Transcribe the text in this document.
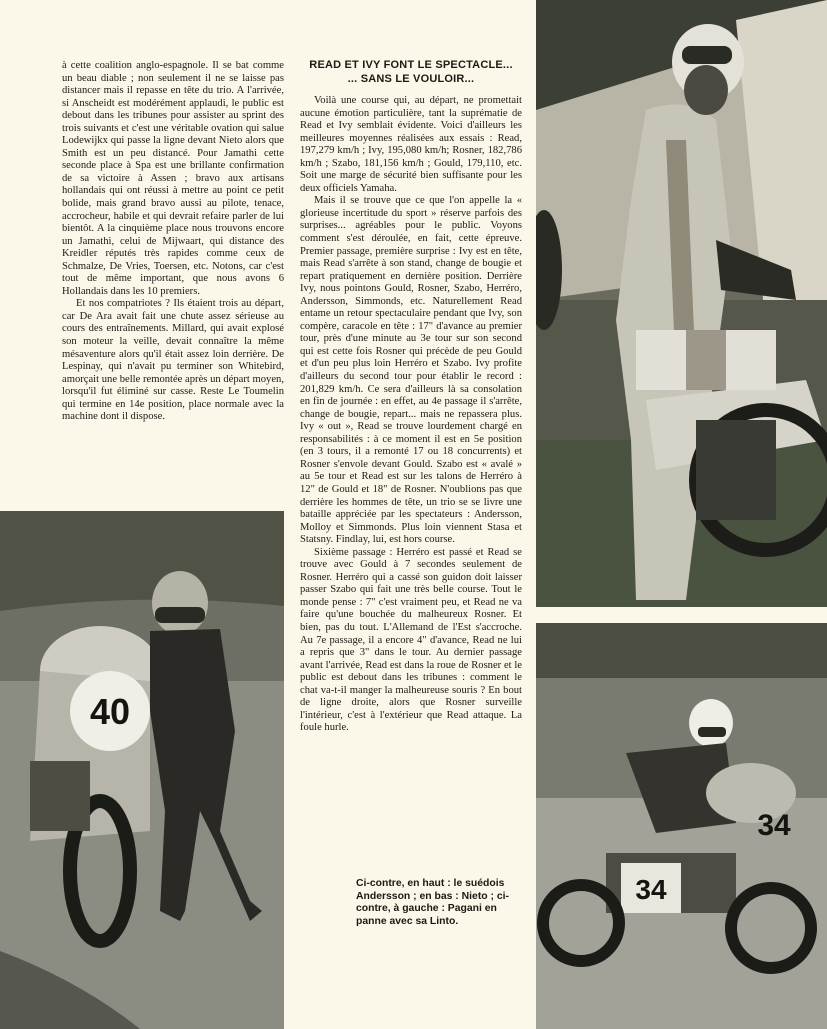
40
34
34

à cette coalition anglo-espagnole. Il se bat comme un beau diable ; non seulement il ne se laisse pas distancer mais il repasse en tête du trio. A l'arrivée, si Anscheidt est modérément applaudi, le public est debout dans les tribunes pour assister au sprint des trois suivants et c'est une véritable ovation qui salue Lodewijkx qui passe la ligne devant Nieto alors que Smith est un peu distancé. Pour Jamathi cette seconde place à Spa est une brillante confirmation de sa victoire à Assen ; bravo aux artisans hollandais qui ont réussi à mettre au point ce petit bolide, mais grand bravo aussi au pilote, tenace, accrocheur, habile et qui devrait refaire parler de lui bientôt. A la cinquième place nous trouvons encore un Jamathi, celui de Mijwaart, qui distance des Kreidler réputés très rapides comme ceux de Schmalze, De Vries, Toersen, etc. Notons, car c'est tout de même important, que nous avons 6 Hollandais dans les 10 premiers.

Et nos compatriotes ? Ils étaient trois au départ, car De Ara avait fait une chute assez sérieuse au cours des entraînements. Millard, qui avait explosé son moteur la veille, devait connaître la même mésaventure alors qu'il était assez loin derrière. De Lespinay, qui n'avait pu terminer son Whitebird, amorçait une belle remontée après un départ moyen, lorsqu'il fut éliminé sur casse. Reste Le Toumelin qui termine en 14e position, place normale avec la machine dont il dispose.

READ ET IVY FONT LE SPECTACLE...
... SANS LE VOULOIR...

Voilà une course qui, au départ, ne promettait aucune émotion particulière, tant la suprématie de Read et Ivy semblait évidente. Voici d'ailleurs les meilleures moyennes réalisées aux essais : Read, 197,279 km/h ; Ivy, 195,080 km/h; Rosner, 182,786 km/h ; Szabo, 181,156 km/h ; Gould, 179,110, etc. Soit une marge de sécurité bien suffisante pour les deux officiels Yamaha.

Mais il se trouve que ce que l'on appelle la « glorieuse incertitude du sport » réserve parfois des surprises... agréables pour le public. Voyons comment s'est déroulée, en fait, cette épreuve. Premier passage, première surprise : Ivy est en tête, mais Read s'arrête à son stand, change de bougie et repart pratiquement en dernière position. Derrière Ivy, nous pointons Gould, Rosner, Szabo, Herréro, Andersson, Simmonds, etc. Naturellement Read entame un retour spectaculaire pendant que Ivy, son compère, caracole en tête : 17" d'avance au premier tour, près d'une minute au 3e tour sur son second qui est cette fois Rosner qui précède de peu Gould et d'un peu plus loin Herréro et Szabo. Ivy profite d'ailleurs du second tour pour établir le record : 201,829 km/h. Ce sera d'ailleurs là sa consolation en fin de journée : en effet, au 4e passage il s'arrête, change de bougie, repart... mais ne repassera plus. Ivy « out », Read se trouve lourdement chargé en responsabilités : à ce moment il est en 5e position (en 3 tours, il a remonté 17 ou 18 concurrents) et Rosner s'envole devant Gould. Szabo est « avalé » au 5e tour et Read est sur les talons de Herréro à 12" de Gould et 18" de Rosner. N'oublions pas que derrière les hommes de tête, un trio se se livre une bataille appréciée par les spectateurs : Andersson, Molloy et Simmonds. Plus loin viennent Stasa et Statsny. Findlay, lui, est hors course.

Sixième passage : Herréro est passé et Read se trouve avec Gould à 7 secondes seulement de Rosner. Herréro qui a cassé son guidon doit laisser passer Szabo qui fait une très belle course. Tout le monde pense : 7" c'est vraiment peu, et Read ne va faire qu'une bouchée du malheureux Rosner. Et bien, pas du tout. L'Allemand de l'Est s'accroche. Au 7e passage, il a encore 4" d'avance, Read ne lui a repris que 3" dans le tour. Au dernier passage avant l'arrivée, Read est dans la roue de Rosner et le public est debout dans les tribunes : comment le chat va-t-il manger la malheureuse souris ? En bout de ligne droite, alors que Rosner surveille l'intérieur, c'est à l'extérieur que Read attaque. La foule hurle.

Ci-contre, en haut : le suédois Andersson ; en bas : Nieto ; ci-contre, à gauche : Pagani en panne avec sa Linto.
